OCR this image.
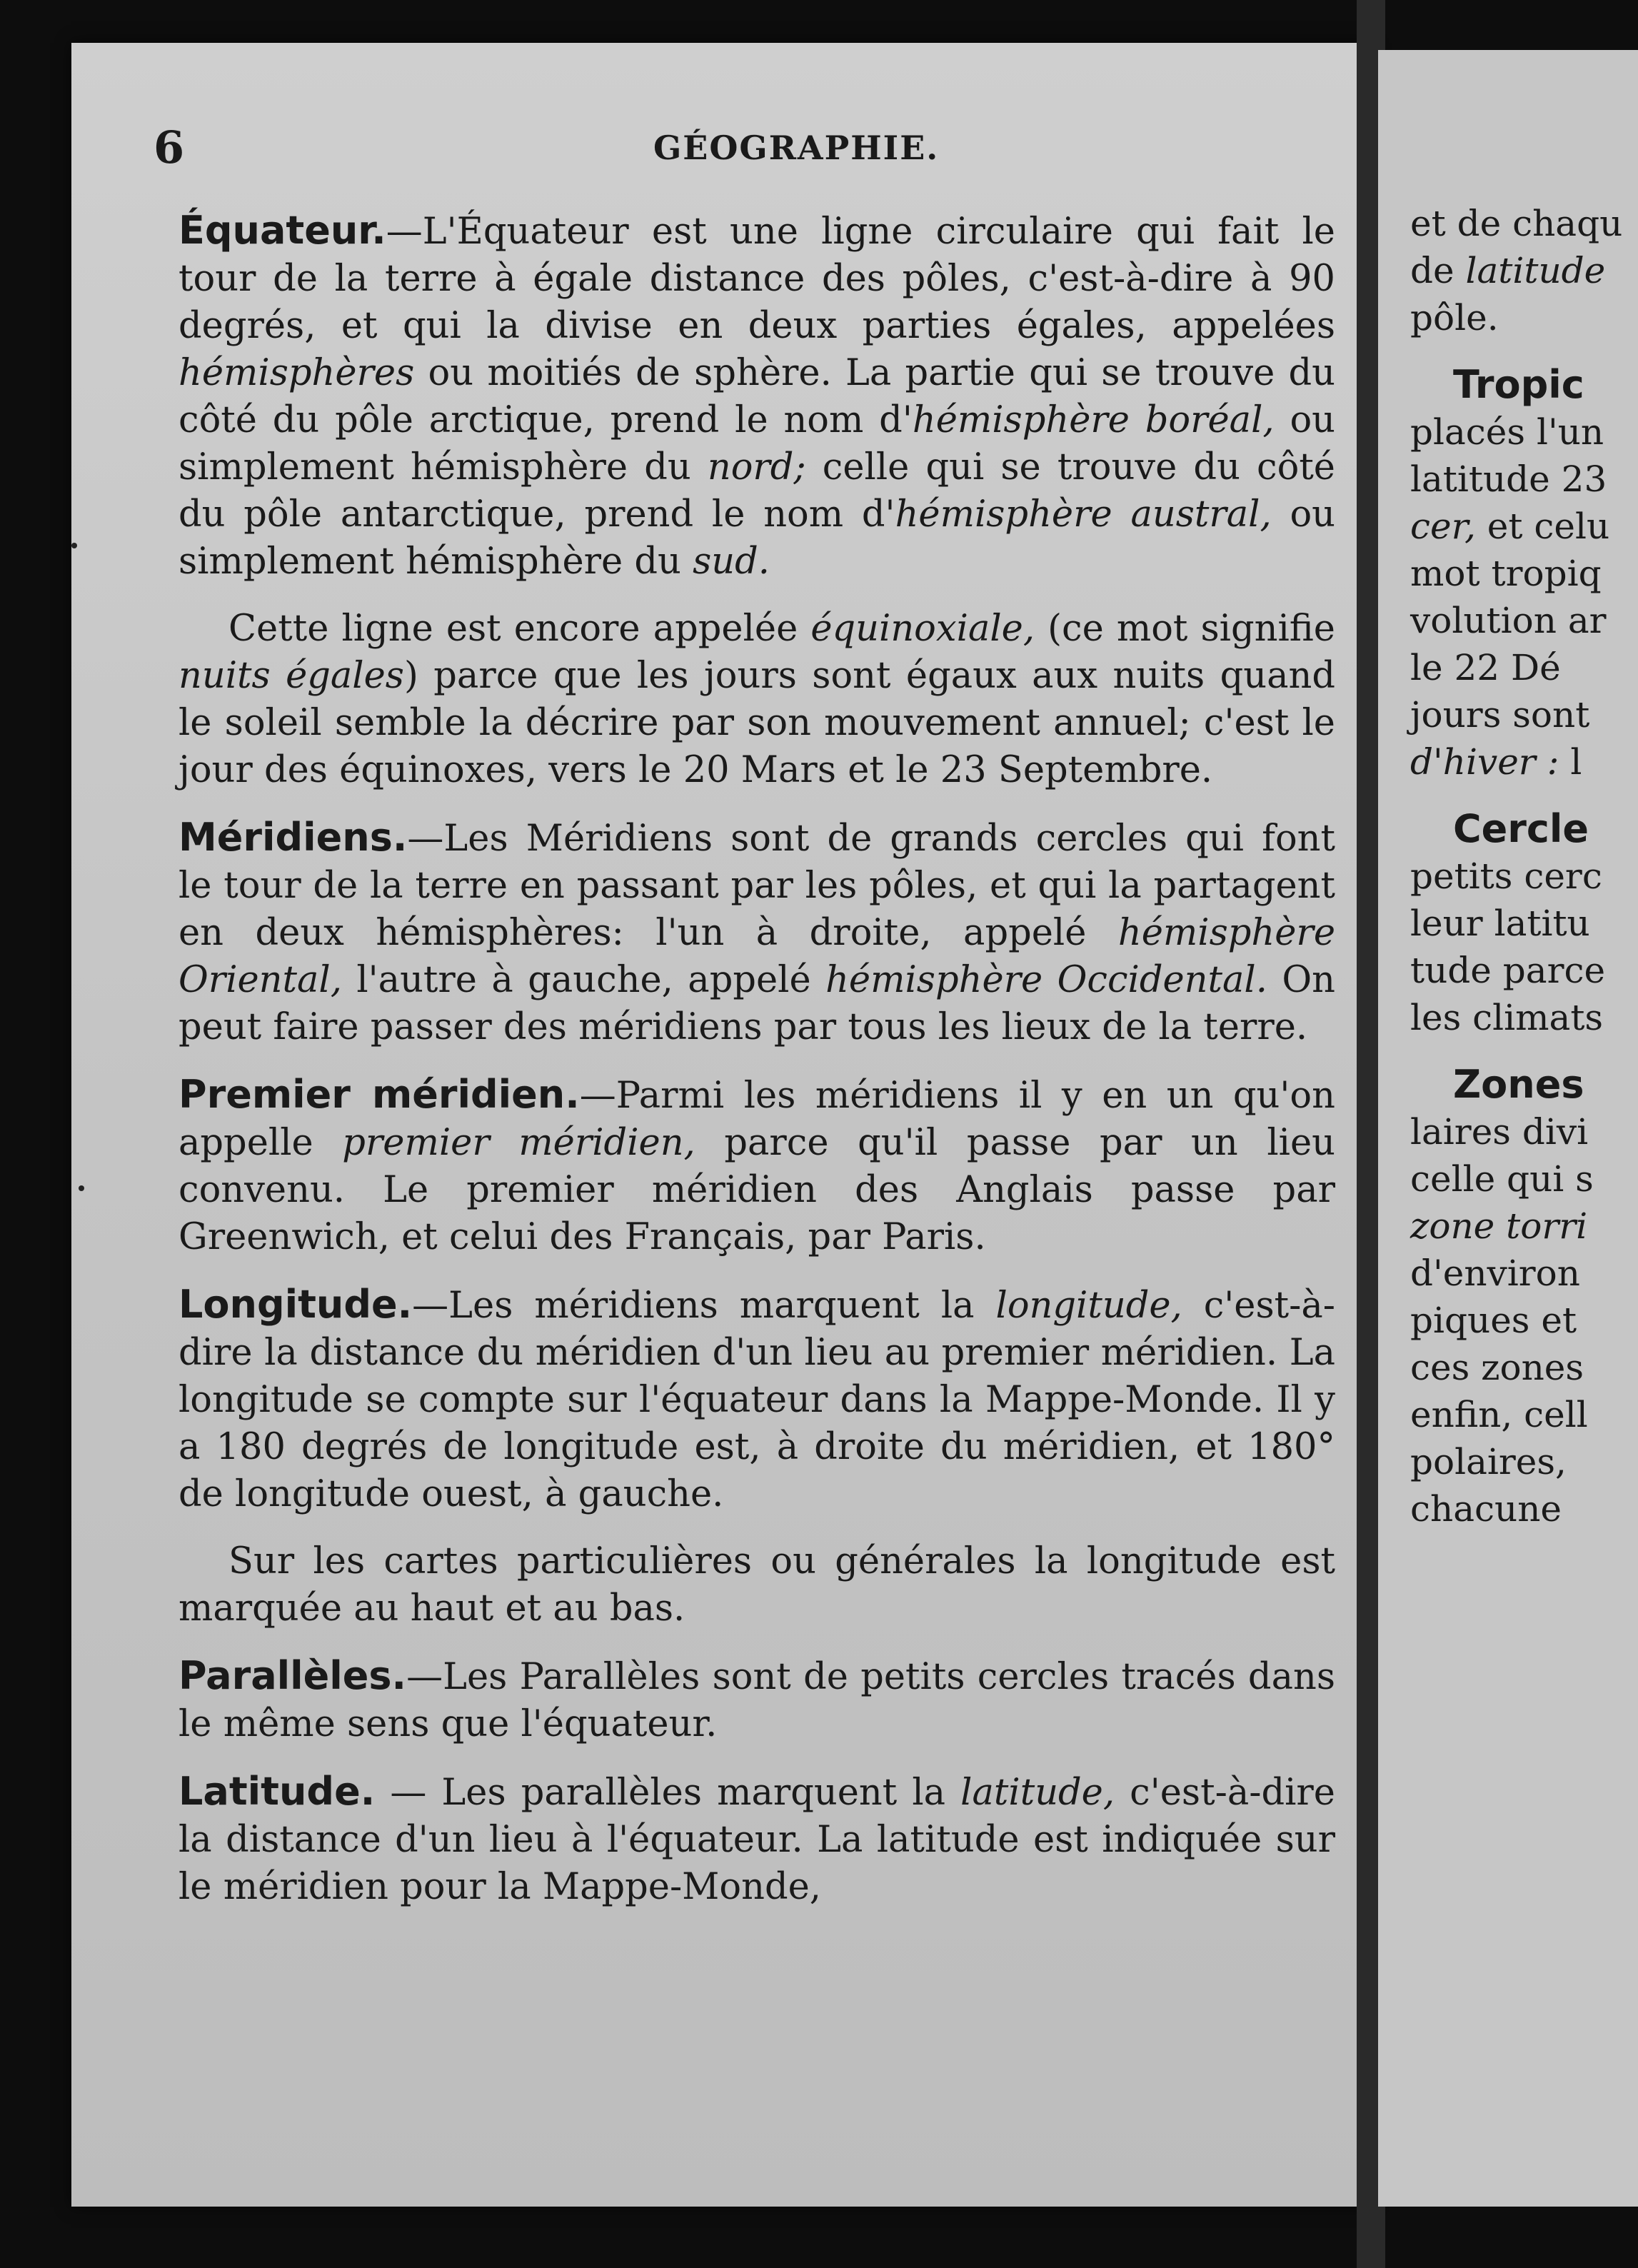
6	GÉOGRAPHIE.

Équateur.—L'Équateur est une ligne circulaire qui fait le tour de la terre à égale distance des pôles, c'est-à-dire à 90 degrés, et qui la divise en deux parties égales, appelées hémisphères ou moitiés de sphère. La partie qui se trouve du côté du pôle arctique, prend le nom d'hémisphère boréal, ou simplement hémisphère du nord; celle qui se trouve du côté du pôle antarctique, prend le nom d'hémisphère austral, ou simplement hémisphère du sud.

Cette ligne est encore appelée équinoxiale, (ce mot signifie nuits égales) parce que les jours sont égaux aux nuits quand le soleil semble la décrire par son mouvement annuel; c'est le jour des équinoxes, vers le 20 Mars et le 23 Septembre.

Méridiens.—Les Méridiens sont de grands cercles qui font le tour de la terre en passant par les pôles, et qui la partagent en deux hémisphères: l'un à droite, appelé hémisphère Oriental, l'autre à gauche, appelé hémisphère Occidental. On peut faire passer des méridiens par tous les lieux de la terre.

Premier méridien.—Parmi les méridiens il y en un qu'on appelle premier méridien, parce qu'il passe par un lieu convenu. Le premier méridien des Anglais passe par Greenwich, et celui des Français, par Paris.

Longitude.—Les méridiens marquent la longitude, c'est-à-dire la distance du méridien d'un lieu au premier méridien. La longitude se compte sur l'équateur dans la Mappe-Monde. Il y a 180 degrés de longitude est, à droite du méridien, et 180° de longitude ouest, à gauche.

Sur les cartes particulières ou générales la longitude est marquée au haut et au bas.

Parallèles.—Les Parallèles sont de petits cercles tracés dans le même sens que l'équateur.

Latitude. — Les parallèles marquent la latitude, c'est-à-dire la distance d'un lieu à l'équateur. La latitude est indiquée sur le méridien pour la Mappe-Monde,

et de chaqu
de latitude
pôle.
Tropic
placés l'un
latitude 23
cer, et celu
mot tropiq
volution ar
le 22 Dé
jours sont
d'hiver : l
Cercle
petits cerc
leur latitu
tude parce
les climats
Zones
laires divi
celle qui s
zone torri
d'environ
piques et
ces zones
enfin, cell
polaires,
chacune
